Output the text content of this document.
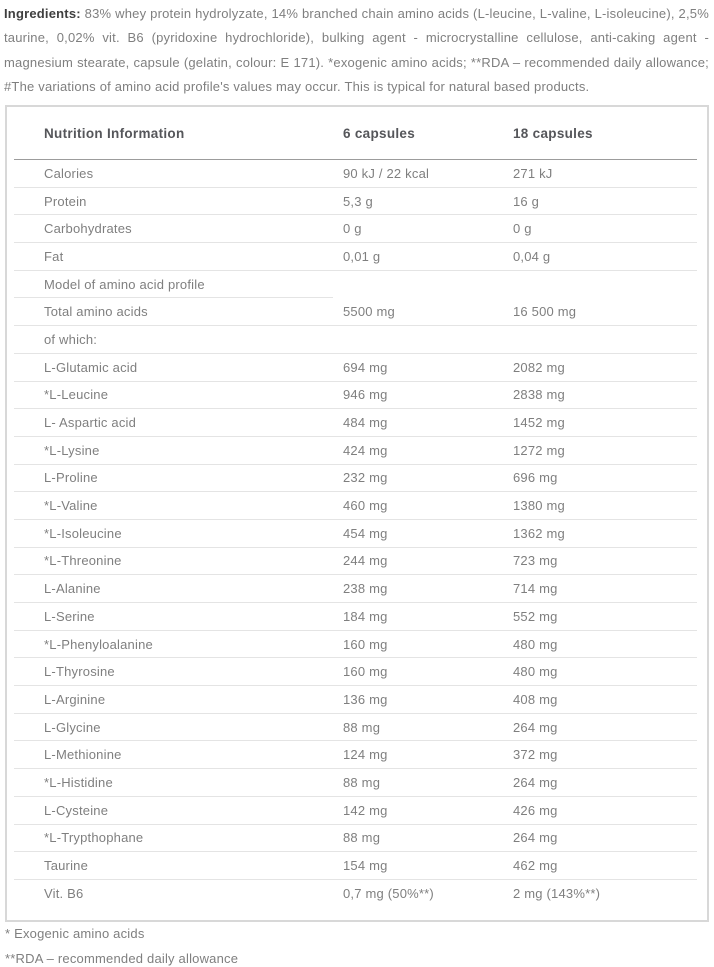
Ingredients: 83% whey protein hydrolyzate, 14% branched chain amino acids (L-leucine, L-valine, L-isoleucine), 2,5% taurine, 0,02% vit. B6 (pyridoxine hydrochloride), bulking agent - microcrystalline cellulose, anti-caking agent - magnesium stearate, capsule (gelatin, colour: E 171). *exogenic amino acids; **RDA – recommended daily allowance; #The variations of amino acid profile's values may occur. This is typical for natural based products.

Nutrition Information	6 capsules	18 capsules
Calories	90 kJ / 22 kcal	271 kJ
Protein	5,3 g	16 g
Carbohydrates	0 g	0 g
Fat	0,01 g	0,04 g
Model of amino acid profile
Total amino acids	5500 mg	16 500 mg
of which:
L-Glutamic acid	694 mg	2082 mg
*L-Leucine	946 mg	2838 mg
L- Aspartic acid	484 mg	1452 mg
*L-Lysine	424 mg	1272 mg
L-Proline	232 mg	696 mg
*L-Valine	460 mg	1380 mg
*L-Isoleucine	454 mg	1362 mg
*L-Threonine	244 mg	723 mg
L-Alanine	238 mg	714 mg
L-Serine	184 mg	552 mg
*L-Phenyloalanine	160 mg	480 mg
L-Thyrosine	160 mg	480 mg
L-Arginine	136 mg	408 mg
L-Glycine	88 mg	264 mg
L-Methionine	124 mg	372 mg
*L-Histidine	88 mg	264 mg
L-Cysteine	142 mg	426 mg
*L-Trypthophane	88 mg	264 mg
Taurine	154 mg	462 mg
Vit. B6	0,7 mg (50%**)	2 mg (143%**)

* Exogenic amino acids

**RDA – recommended daily allowance
